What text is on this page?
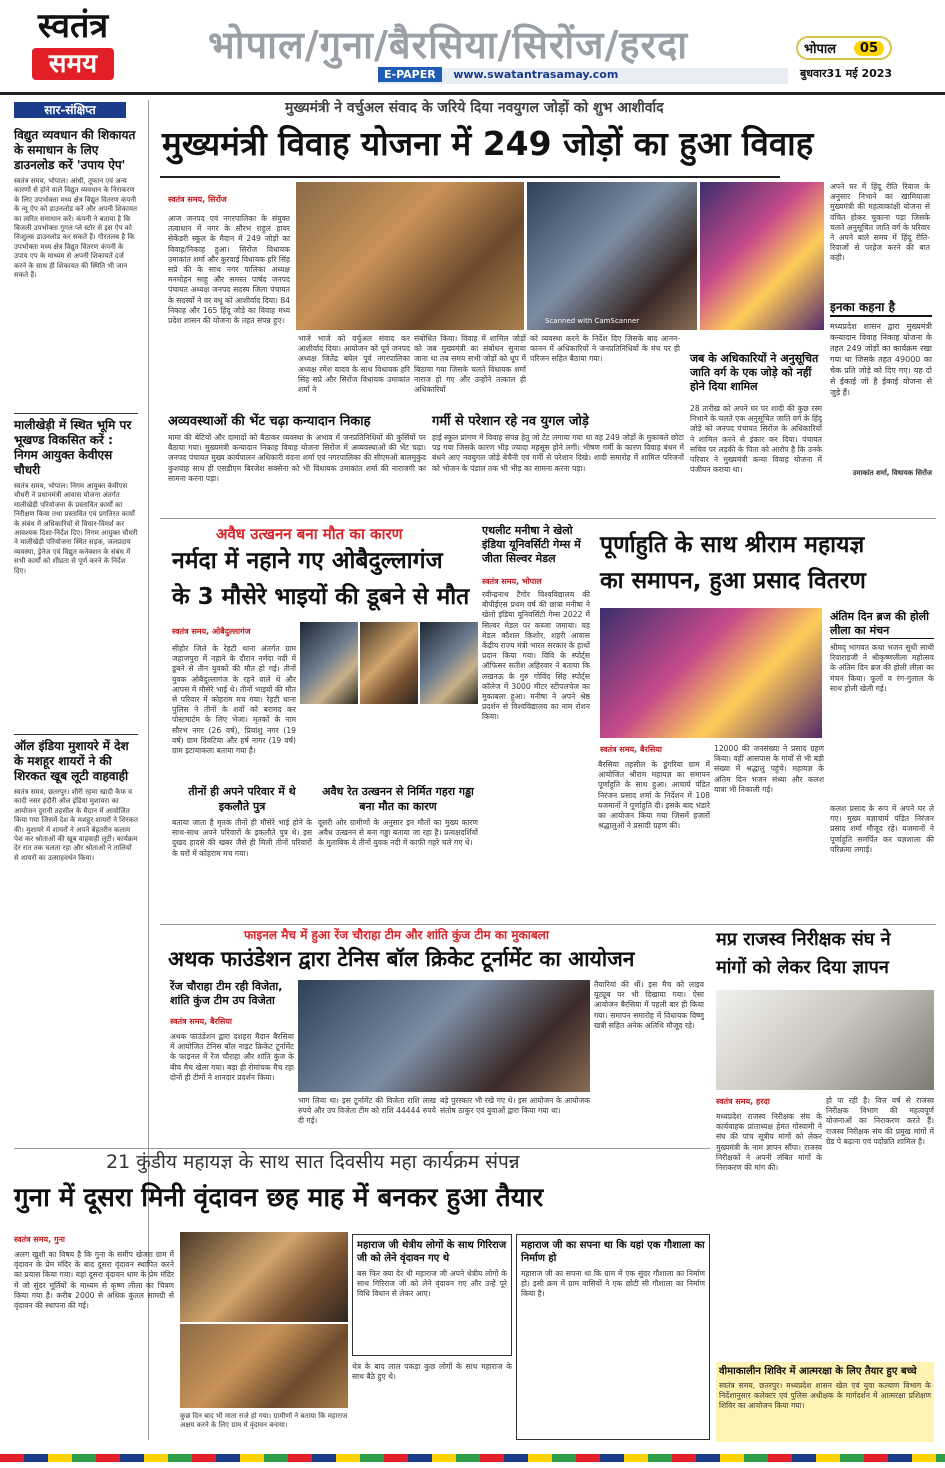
स्वतंत्र
समय	भोपाल/गुना/बैरसिया/सिरोंज/हरदा
E-PAPER www.swatantrasamay.com
भोपाल	05
बुधवार31 मई 2023
सार-संक्षिप्त
विद्युत व्यवधान की शिकायत के समाधान के लिए डाउनलोड करें 'उपाय ऐप'
स्वतंत्र समय, भोपाल। आंधी, तूफान एवं अन्य कारणों से होने वाले विद्युत व्यवधान के निराकरण के लिए उपभोक्ता मध्य क्षेत्र विद्युत वितरण कंपनी के न्यू ऐप को डाउनलोड करें और अपनी शिकायत का त्वरित समाधान करें। कंपनी ने बताया है कि बिजली उपभोक्ता गूगल प्ले स्टोर से इस ऐप को निःशुल्क डाउनलोड कर सकते हैं। गौरतलब है कि उपभोक्ता मध्य क्षेत्र विद्युत वितरण कंपनी के उपाय एप के माध्यम से अपनी शिकायतें दर्ज करने के साथ ही शिकायत की स्थिति भी जान सकते हैं।
मालीखेड़ी में स्थित भूमि पर भूखण्ड विकसित करें : निगम आयुक्त केवीएस चौधरी
स्वतंत्र समय, भोपाल। निगम आयुक्त केवीएस चौधरी ने प्रधानमंत्री आवास योजना अंतर्गत मालीखेड़ी परियोजना के प्रस्तावित कार्यों का निरीक्षण किया तथा प्रस्तावित एवं प्रगतिरत कार्यों के संबंध में अधिकारियों से विचार-विमर्श कर आवश्यक दिशा-निर्देश दिए। निगम आयुक्त चौधरी ने मालीखेड़ी परियोजना स्थित सड़क, जलप्रदाय व्यवस्था, ड्रेनेज एवं विद्युत कनेक्शन के संबंध में सभी कार्यों को शीघ्रता से पूर्ण करने के निर्देश दिए।
ऑल इंडिया मुशायरे में देश के मशहूर शायरों ने की शिरकत खूब लूटी वाहवाही
स्वतंत्र समय, छतरपुर। शीरी रहमा खादी कैफ व कादी नसर इंदौरी ऑल इंडिया मुशायरा का आयोजन दुरानी तहसील के मैदान में आयोजित किया गया जिसमें देश के मशहूर शायरों ने शिरकत की। मुशायरे में शायरों ने अपने बेहतरीन कलाम पेश कर श्रोताओं की खूब वाहवाही लूटी। कार्यक्रम देर रात तक चलता रहा और श्रोताओं ने तालियों से शायरों का उत्साहवर्धन किया।
मुख्यमंत्री ने वर्चुअल संवाद के जरिये दिया नवयुगल जोड़ों को शुभ आशीर्वाद
मुख्यमंत्री विवाह योजना में 249 जोड़ों का हुआ विवाह
स्वतंत्र समय, सिरोंज
आज जनपद एवं नगरपालिका के संयुक्त तत्वाधान में नगर के सौरभ राहुल हायर सेकेंडरी स्कूल के मैदान में 249 जोड़ों का विवाह/निकाह हुआ। सिरोंज विधायक उमाकांत शर्मा और कुरवाई विधायक हरि सिंह सप्रे की के साथ नगर पालिका अध्यक्ष मनमोहन साहू और समस्त पार्षद जनपद पंचायत अध्यक्ष जनपद सदस्य जिला पंचायत के सदस्यों ने वर वधू को आशीर्वाद दिया। 84 निकाह और 165 हिंदू जोड़े का विवाह मध्य प्रदेश शासन की योजना के तहत संपन्न हुए।	Scanned with CamScanner
भाजे भाजे को वर्चुअल संवाद कर आशीर्वाद दिया। आयोजन को पूर्व जनपद अध्यक्ष जितेंद्र बघेल पूर्व नगरपालिका अध्यक्ष रमेश यादव के साथ विधायक हरि सिंह सप्रे और सिरोंज विधायक उमाकांत शर्मा ने
संबोधित किया। विवाह में शामिल जोड़ों को जब मुख्यमंत्री का संबोधन सुनाया जाना था तब समय सभी जोड़ों को धूप में बिठाया गया जिसके चलते विधायक शर्मा नाराज हो गए और उन्होंने तत्काल ही अधिकारियों
को व्यवस्था करने के निर्देश दिए जिसके बाद आनन-फानन में अधिकारियों ने जनप्रतिनिधियों के मंच पर ही परिजन सहित बैठाया गया।
अपने घर में हिंदू रीति रिवाज के अनुसार निभाने का खामियाजा मुख्यमंत्री की महत्वाकांक्षी योजना से वंचित होकर चुकाना पड़ा जिसके चलते अनुसूचित जाति वर्ग के परिवार ने अपने बाले समय में हिंदू रीति-रिवाजों से परहेज करने की बात कही।
अव्यवस्थाओं की भेंट चढ़ा कन्यादान निकाह
मामा की बेटियों और दामादों को बैठाकर व्यवस्था के अभाव में जनप्रतिनिधियों की कुर्सियों पर बैठाया गया। मुख्यमंत्री कन्यादान निकाह विवाह योजना सिरोंज में अव्यवस्थाओं की भेंट चढ़ा। जनपद पंचायत मुख्य कार्यपालन अधिकारी वंदना शर्मा एवं नगरपालिका की सीएमओ बालमुकुंद कुशवाह साथ ही एसडीएम बिरजेश सक्सेना को भी विधायक उमाकांत शर्मा की नाराजगी का सामना करना पड़ा।
गर्मी से परेशान रहे नव युगल जोड़े
हाई स्कूल प्रांगण में विवाह संपन्न हेतु जो टेंट लगाया गया था वह 249 जोड़ों के मुकाबले छोटा पड़ गया जिसके कारण भीड़ ज्यादा महसूस होने लगी। भीषण गर्मी के कारण विवाह बंधन में बंधने आए नवयुगल जोड़े बेचैनी एवं गर्मी से परेशान दिखे। शादी समारोह में शामिल परिजनों को भोजन के पंडाल तक भी भीड़ का सामना करना पड़ा।
जब के अधिकारियों ने अनुसूचित जाति वर्ग के एक जोड़े को नहीं होने दिया शामिल
28 तारीख को अपने घर पर शादी की कुछ रस्म निभाने के चलते एक अनुसूचित जाति वर्ग के हिंदू जोड़े को जनपद पंचायत सिरोंज के अधिकारियों ने शामिल करने से इंकार कर दिया। पंचायत सचिव पर लड़की के पिता को आरोप है कि उनके परिवार ने मुख्यमंत्री कन्या विवाह योजना में पंजीयन कराया था।
इनका कहना है
मध्यप्रदेश शासन द्वारा मुख्यमंत्री कन्यादान विवाह निकाह योजना के तहत 249 जोड़ों का कार्यक्रम रखा गया था जिसके तहत 49000 का चेक प्रति जोड़े को दिए गए। यह दो से ईकाई जो है ईकाई योजना से जुड़े हैं।
उमाकांत शर्मा, विधायक सिरोंज
अवैध उत्खनन बना मौत का कारण
नर्मदा में नहाने गए ओबैदुल्लागंज
के 3 मौसेरे भाइयों की डूबने से मौत
स्वतंत्र समय, ओबैदुल्लागंज
सीहोर जिले के रेहटी थाना अंतर्गत ग्राम जहाजपुरा में नहाने के दौरान नर्मदा नदी में डूबने से तीन युवकों की मौत हो गई। तीनों युवक ओबैदुल्लागंज के रहने वाले थे और आपस में मौसेरे भाई थे। तीनों भाइयों की मौत से परिवार में कोहराम मच गया। रेहटी थाना पुलिस ने तीनों के शवों को बरामद कर पोस्टमार्टम के लिए भेजा। मृतकों के नाम सौरभ नगर (26 वर्ष), प्रियांशु नगर (19 वर्ष) ग्राम दिवटिया और हर्ष नागर (19 वर्ष) ग्राम इटायाकला बताया गया है।
तीनों ही अपने परिवार में थे इकलौते पुत्र
बताया जाता है मृतक तीनों ही मौसेरे भाई होने के साथ-साथ अपने परिवारों के इकलौते पुत्र थे। इस दुखद हादसे की खबर जैसे ही मिली तीनों परिवारों के घरों में कोहराम मच गया।
अवैध रेत उत्खनन से निर्मित गहरा गड्ढा बना मौत का कारण
दूसरी ओर ग्रामीणों के अनुसार इन मौतों का मुख्य कारण अवैध उत्खनन से बना गड्ढा बताया जा रहा है। प्रत्यक्षदर्शियों के मुताबिक ये तीनों युवक नदी में काफी गहरे चले गए थे।
एथलीट मनीषा ने खेलो इंडिया यूनिवर्सिटी गेम्स में जीता सिल्वर मेडल
स्वतंत्र समय, भोपाल
रवीन्द्रनाथ टैगोर विश्वविद्यालय की बीपीईएस प्रथम वर्ष की छात्रा मनीषा ने खेलो इंडिया यूनिवर्सिटी गेम्स 2022 में सिल्वर मेडल पर कब्जा जमाया। यह मेडल कौशल किशोर, शहरी आवास केंद्रीय राज्य मंत्री भारत सरकार के हाथों प्रदान किया गया। विवि के स्पोर्ट्स ऑफिसर सतीश अहिरवार ने बताया कि लखनऊ के गुरु गोविंद सिंह स्पोर्ट्स कॉलेज में 3000 मीटर स्टीपलचेज का मुकाबला हुआ। मनीषा ने अपने श्रेष्ठ प्रदर्शन से विश्वविद्यालय का नाम रोशन किया।
पूर्णाहुति के साथ श्रीराम महायज्ञ
का समापन, हुआ प्रसाद वितरण
स्वतंत्र समय, बैरसिया
बैरसिया तहसील के डूंगरिया ग्राम में आयोजित श्रीराम महायज्ञ का समापन पूर्णाहुति के साथ हुआ। आचार्य पंडित निरंजन प्रसाद शर्मा के निर्देशन में 108 यजमानों ने पूर्णाहुति दी। इसके बाद भंडारे का आयोजन किया गया जिसमें हजारों श्रद्धालुओं ने प्रसादी ग्रहण की।
12000 की जनसंख्या ने प्रसाद ग्रहण किया। वहीं आसपास के गांवों से भी बड़ी संख्या में श्रद्धालु पहुंचे। महायज्ञ के अंतिम दिन भजन संध्या और कलश यात्रा भी निकाली गई।
अंतिम दिन ब्रज की होली लीला का मंचन
श्रीमद् भागवत कथा भजन सुधी साथी रिवाराडजी ने श्रीकृष्णलीला महोत्सव के अंतिम दिन ब्रज की होली लीला का मंचन किया। फूलों व रंग-गुलाल के साथ होली खेली गई।
कलश प्रसाद के रूप में अपने घर ले गए। मुख्य यज्ञाचार्य पंडित निरंजन प्रसाद शर्मा मौजूद रहे। यजमानों ने पूर्णाहुति समर्पित कर यज्ञशाला की परिक्रमा लगाई।
फाइनल मैच में हुआ रेंज चौराहा टीम और शांति कुंज टीम का मुकाबला
अथक फाउंडेशन द्वारा टेनिस बॉल क्रिकेट टूर्नामेंट का आयोजन
रेंज चौराहा टीम रही विजेता, शांति कुंज टीम उप विजेता
स्वतंत्र समय, बैरसिया
अथक फाउंडेशन द्वारा दशहरा मैदान बैरसिया में आयोजित टेनिस बॉल नाइट क्रिकेट टूर्नामेंट के फाइनल में रेंज चौराहा और शांति कुंज के बीच मैच खेला गया। बड़ा ही रोमांचक मैच रहा दोनों ही टीमों ने शानदार प्रदर्शन किया।
भाग लिया था। इस टूर्नामेंट की विजेता राशि लाख रुपये और उप विजेता टीम को राशि 44444 रुपये दी गई।
बड़े पुरस्कार भी रखे गए थे। इस आयोजन के आयोजक संतोष ठाकुर एवं युवाओं द्वारा किया गया था।
तैयारियां की थीं। इस मैच को लाइव यूट्यूब पर भी दिखाया गया। ऐसा आयोजन बैरसिया में पहली बार ही किया गया। समापन समारोह में विधायक विष्णु खत्री सहित अनेक अतिथि मौजूद रहे।
मप्र राजस्व निरीक्षक संघ ने
मांगों को लेकर दिया ज्ञापन
स्वतंत्र समय, हरदा
मध्यप्रदेश राजस्व निरीक्षक संघ के कार्यवाहक प्रांताध्यक्ष हेमंत गोस्वामी ने संघ की पांच सूत्रीय मांगों को लेकर मुख्यमंत्री के नाम ज्ञापन सौंपा। राजस्व निरीक्षकों ने अपनी लंबित मांगों के निराकरण की मांग की।
हो पा रही है। वित्त वर्ष से राजस्व निरीक्षक विभाग की महत्वपूर्ण योजनाओं का निराकरण करते हैं। राजस्व निरीक्षक संघ की प्रमुख मांगों में ग्रेड पे बढ़ाना एवं पदोन्नति शामिल है।
21 कुंडीय महायज्ञ के साथ सात दिवसीय महा कार्यक्रम संपन्न
गुना में दूसरा मिनी वृंदावन छह माह में बनकर हुआ तैयार
स्वतंत्र समय, गुना
अलग खुशी का विषय है कि गुना के समीप खेजरा ग्राम में वृंदावन के प्रेम मंदिर के बाद दूसरा वृंदावन स्थापित करने का प्रयास किया गया। यहां दूसरा वृंदावन धाम के प्रेम मंदिर में जो सुंदर मूर्तियों के माध्यम से कृष्ण लीला का चित्रण किया गया है। करीब 2000 से अधिक कुंतल सामग्री से वृंदावन की स्थापना की गई।
कुछ दिन बाद भी माता राजे हो गया। ग्रामीणों ने बताया कि महाराज अक्षय करने के लिए ग्राम में वृंदावन बनाया।
महाराज जी थेत्रीय लोगों के साथ गिरिराज जी को लेने वृंदावन गए थे
बस फिर क्या देर थी महाराज जी अपने थेत्रीय लोगों के साथ गिरिराज जी को लेने वृंदावन गए और उन्हें पूरे विधि विधान से लेकर आए।
थेत्र के बाद लाल पकड़ा कुछ लोगों के साथ महाराज के साथ बैठे हुए थे।
महाराज जी का सपना था कि यहां एक गौशाला का निर्माण हो
महाराज जी का सपना था कि ग्राम में एक सुंदर गौशाला का निर्माण हो। इसी क्रम में ग्राम वासियों ने एक छोटी सी गौशाला का निर्माण किया है।
वीमाकालीन शिविर में आत्मरक्षा के लिए तैयार हुए बच्चे
स्वतंत्र समय, छतरपुर। मध्यप्रदेश शासन खेल एवं युवा कल्याण विभाग के निर्देशानुसार कलेक्टर एवं पुलिस अधीक्षक के मार्गदर्शन में आत्मरक्षा प्रशिक्षण शिविर का आयोजन किया गया।
